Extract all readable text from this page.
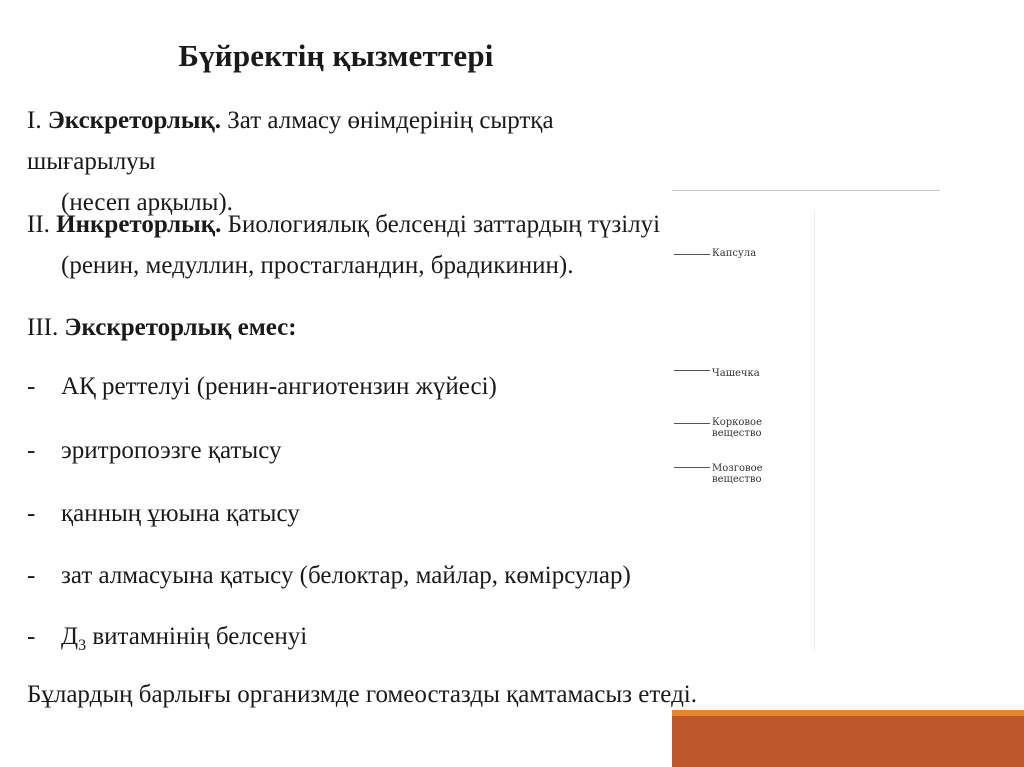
Бүйректің қызметтері
I. Экскреторлық. Зат алмасу өнімдерінің сыртқа шығарылуы
(несеп арқылы).
II. Инкреторлық. Биологиялық белсенді заттардың түзілуі
(ренин, медуллин, простагландин, брадикинин).
III. Экскреторлық емес:
-	АҚ реттелуі (ренин-ангиотензин жүйесі)
-	эритропоэзге қатысу
-	қанның ұюына қатысу
-	зат алмасуына қатысу (белоктар, майлар, көмірсулар)
-	$Д_3$ витамнінің белсенуі
Бұлардың барлығы организмде гомеостазды қамтамасыз етеді.
Капсула
Чашечка
Корковое вещество
Мозговое вещество
